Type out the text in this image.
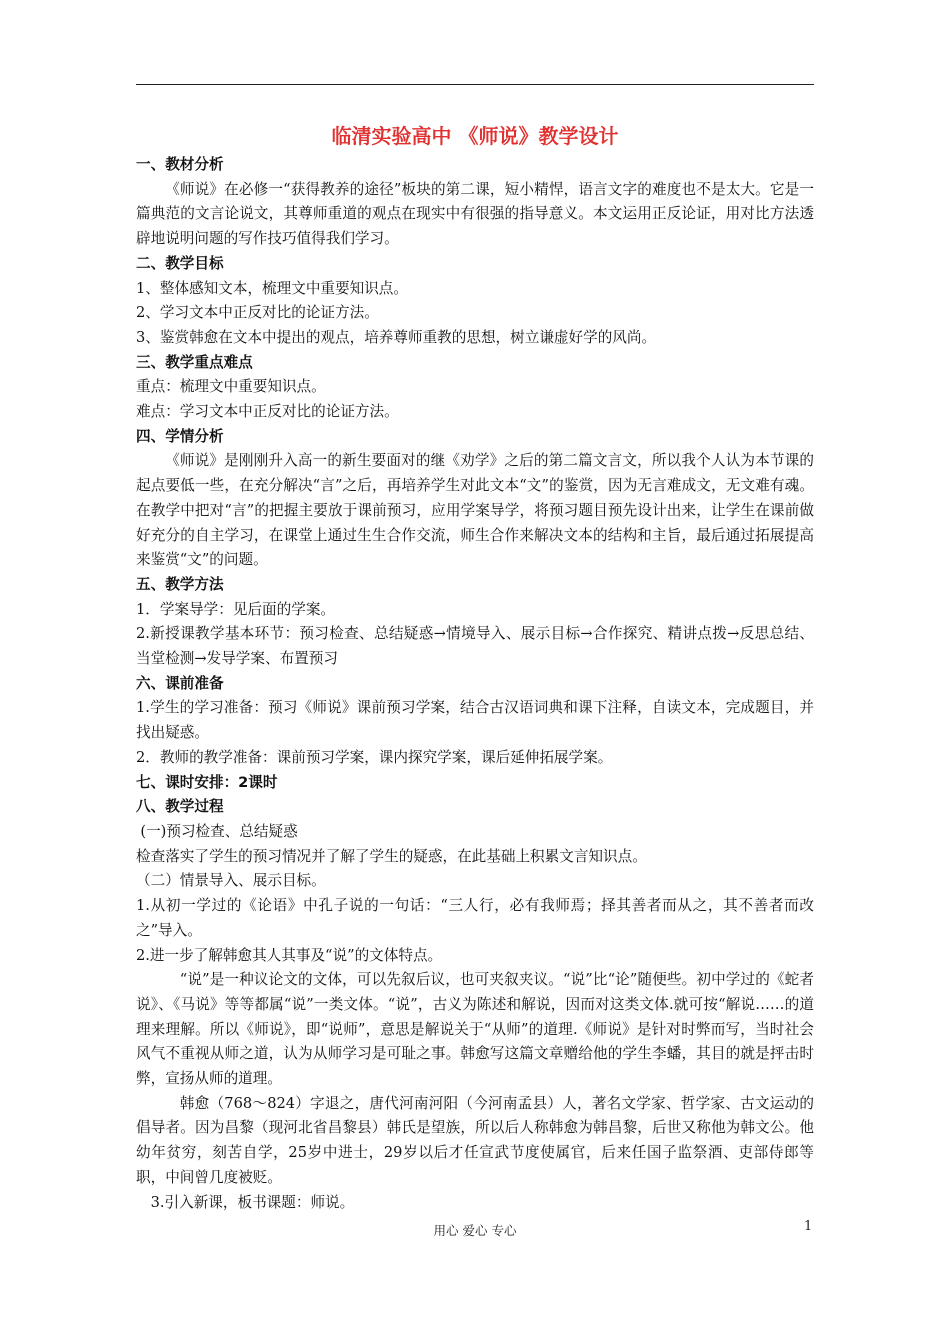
临清实验高中 《师说》教学设计
一、教材分析

《师说》在必修一“获得教养的途径”板块的第二课，短小精悍，语言文字的难度也不是太大。它是一篇典范的文言论说文，其尊师重道的观点在现实中有很强的指导意义。本文运用正反论证，用对比方法透辟地说明问题的写作技巧值得我们学习。

二、教学目标

1、整体感知文本，梳理文中重要知识点。

2、学习文本中正反对比的论证方法。

3、鉴赏韩愈在文本中提出的观点，培养尊师重教的思想，树立谦虚好学的风尚。

三、教学重点难点

重点：梳理文中重要知识点。

难点：学习文本中正反对比的论证方法。

四、学情分析

《师说》是刚刚升入高一的新生要面对的继《劝学》之后的第二篇文言文，所以我个人认为本节课的起点要低一些，在充分解决“言”之后，再培养学生对此文本“文”的鉴赏，因为无言难成文，无文难有魂。在教学中把对“言”的把握主要放于课前预习，应用学案导学，将预习题目预先设计出来，让学生在课前做好充分的自主学习，在课堂上通过生生合作交流，师生合作来解决文本的结构和主旨，最后通过拓展提高来鉴赏“文”的问题。

五、教学方法

1．学案导学：见后面的学案。

2.新授课教学基本环节：预习检查、总结疑惑→情境导入、展示目标→合作探究、精讲点拨→反思总结、当堂检测→发导学案、布置预习

六、课前准备

1.学生的学习准备：预习《师说》课前预习学案，结合古汉语词典和课下注释，自读文本，完成题目，并找出疑惑。

2．教师的教学准备：课前预习学案，课内探究学案，课后延伸拓展学案。

七、课时安排：2课时
八、教学过程

(一)预习检查、总结疑惑

检查落实了学生的预习情况并了解了学生的疑惑，在此基础上积累文言知识点。

（二）情景导入、展示目标。

1.从初一学过的《论语》中孔子说的一句话：“三人行，必有我师焉；择其善者而从之，其不善者而改之”导入。

2.进一步了解韩愈其人其事及“说”的文体特点。

“说”是一种议论文的文体，可以先叙后议，也可夹叙夹议。“说”比“论”随便些。初中学过的《蛇者说》、《马说》等等都属“说”一类文体。“说”，古义为陈述和解说，因而对这类文体.就可按“解说……的道理来理解。所以《师说》，即“说师”，意思是解说关于“从师”的道理.《师说》是针对时弊而写，当时社会风气不重视从师之道，认为从师学习是可耻之事。韩愈写这篇文章赠给他的学生李蟠，其目的就是抨击时弊，宣扬从师的道理。

韩愈（768～824）字退之，唐代河南河阳（今河南孟县）人，著名文学家、哲学家、古文运动的倡导者。因为昌黎（现河北省昌黎县）韩氏是望族，所以后人称韩愈为韩昌黎，后世又称他为韩文公。他幼年贫穷，刻苦自学，25岁中进士，29岁以后才任宣武节度使属官，后来任国子监祭酒、吏部侍郎等职，中间曾几度被贬。

3.引入新课，板书课题：师说。

用心 爱心 专心	1
